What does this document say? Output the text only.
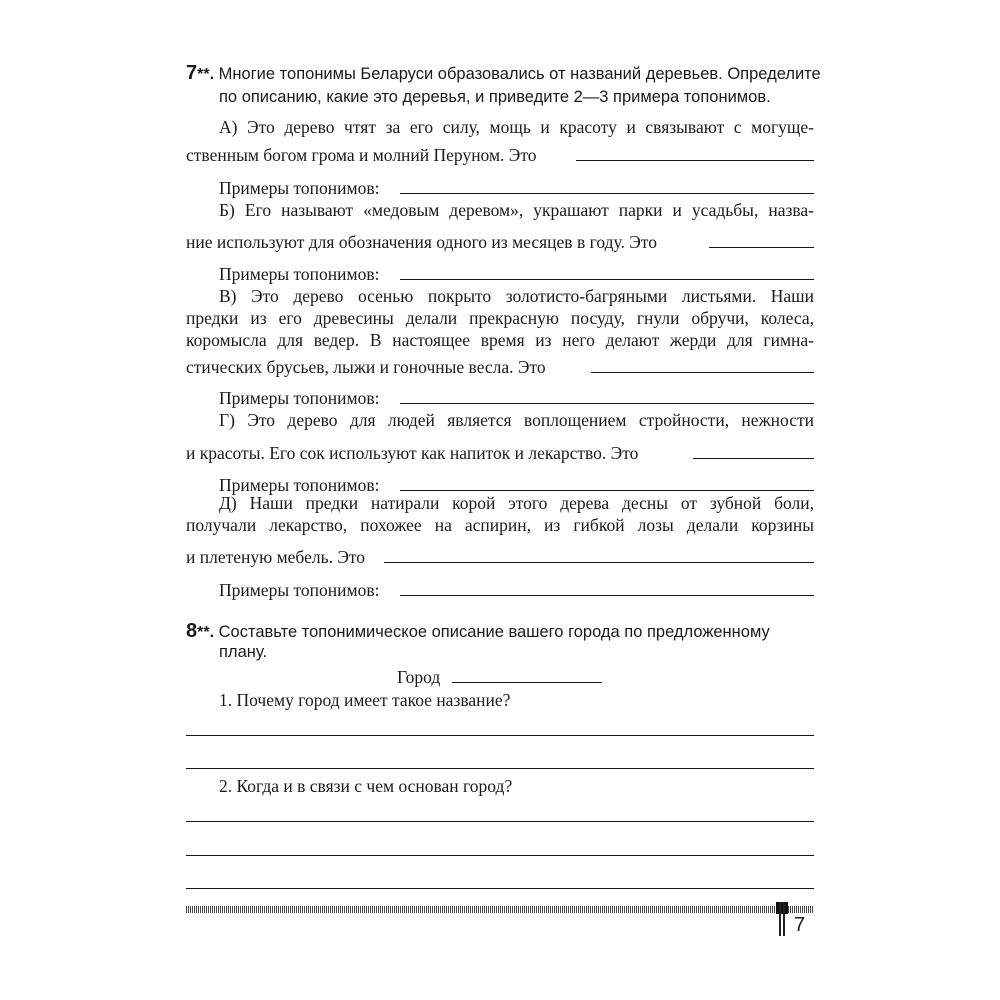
7**. Многие топонимы Беларуси образовались от названий деревьев. Определите
по описанию, какие это деревья, и приведите 2—3 примера топонимов.
А) Это дерево чтят за его силу, мощь и красоту и связывают с могуще-
ственным богом грома и молний Перуном. Это
Примеры топонимов:
Б) Его называют «медовым деревом», украшают парки и усадьбы, назва-
ние используют для обозначения одного из месяцев в году. Это
Примеры топонимов:
В) Это дерево осенью покрыто золотисто-багряными листьями. Наши
предки из его древесины делали прекрасную посуду, гнули обручи, колеса,
коромысла для ведер. В настоящее время из него делают жерди для гимна-
стических брусьев, лыжи и гоночные весла. Это
Примеры топонимов:
Г) Это дерево для людей является воплощением стройности, нежности
и красоты. Его сок используют как напиток и лекарство. Это
Примеры топонимов:
Д) Наши предки натирали корой этого дерева десны от зубной боли,
получали лекарство, похожее на аспирин, из гибкой лозы делали корзины
и плетеную мебель. Это
Примеры топонимов:
8**. Составьте топонимическое описание вашего города по предложенному
плану.
Город
1. Почему город имеет такое название?
2. Когда и в связи с чем основан город?
7
